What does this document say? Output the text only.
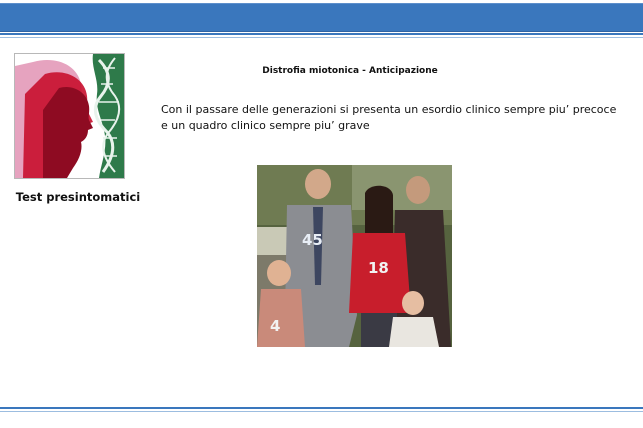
Test presintomatici
Distrofia miotonica - Anticipazione
Con il passare delle generazioni si presenta un esordio clinico sempre piu’ precoce
e un quadro clinico sempre piu’ grave
45
18
4
